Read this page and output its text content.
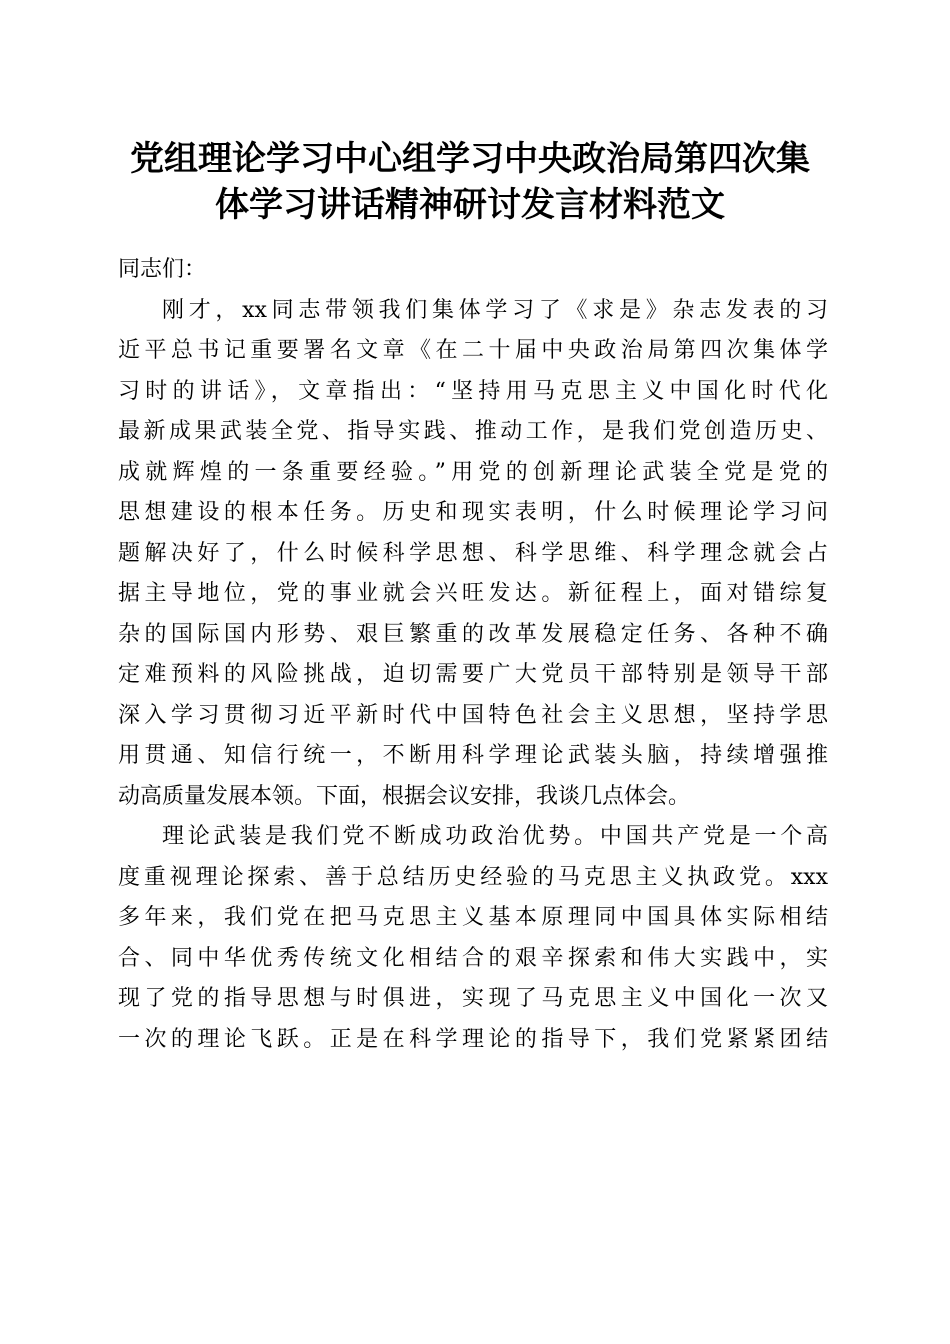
党组理论学习中心组学习中央政治局第四次集
体学习讲话精神研讨发言材料范文

同志们：

刚才，xx同志带领我们集体学习了《求是》杂志发表的习

近平总书记重要署名文章《在二十届中央政治局第四次集体学

习时的讲话》，文章指出：“坚持用马克思主义中国化时代化

最新成果武装全党、指导实践、推动工作，是我们党创造历史、

成就辉煌的一条重要经验。”用党的创新理论武装全党是党的

思想建设的根本任务。历史和现实表明，什么时候理论学习问

题解决好了，什么时候科学思想、科学思维、科学理念就会占

据主导地位，党的事业就会兴旺发达。新征程上，面对错综复

杂的国际国内形势、艰巨繁重的改革发展稳定任务、各种不确

定难预料的风险挑战，迫切需要广大党员干部特别是领导干部

深入学习贯彻习近平新时代中国特色社会主义思想，坚持学思

用贯通、知信行统一，不断用科学理论武装头脑，持续增强推

动高质量发展本领。下面，根据会议安排，我谈几点体会。

理论武装是我们党不断成功政治优势。中国共产党是一个高

度重视理论探索、善于总结历史经验的马克思主义执政党。xxx

多年来，我们党在把马克思主义基本原理同中国具体实际相结

合、同中华优秀传统文化相结合的艰辛探索和伟大实践中，实

现了党的指导思想与时俱进，实现了马克思主义中国化一次又

一次的理论飞跃。正是在科学理论的指导下，我们党紧紧团结
